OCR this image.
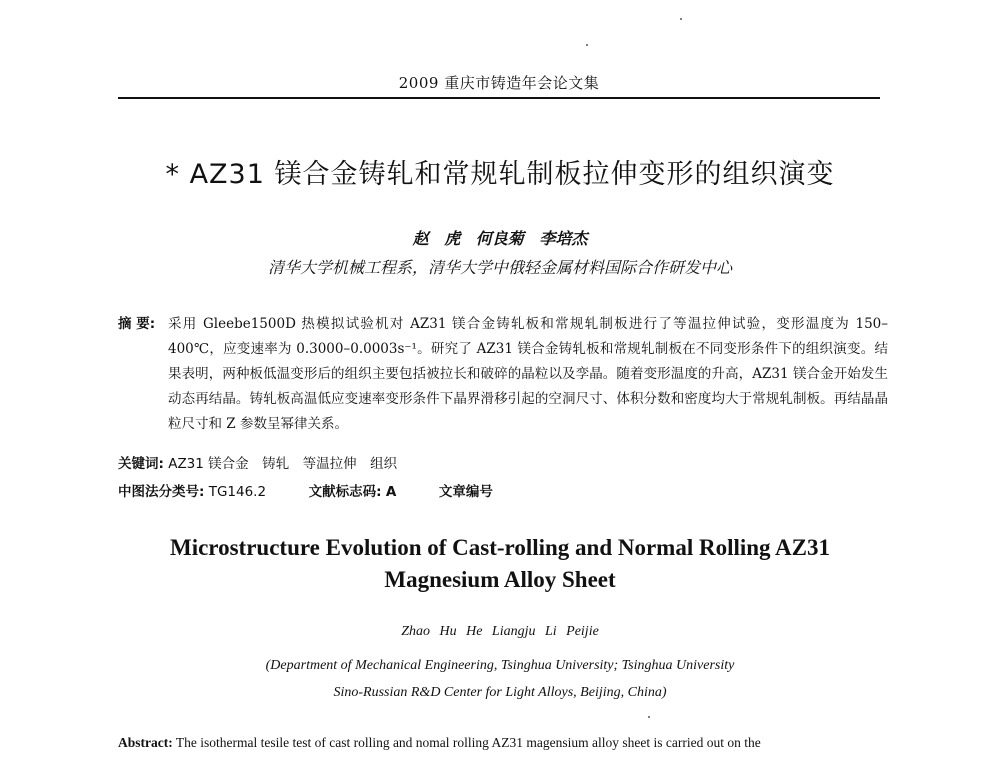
2009 重庆市铸造年会论文集
* AZ31 镁合金铸轧和常规轧制板拉伸变形的组织演变
赵 虎 何良菊 李培杰
清华大学机械工程系，清华大学中俄轻金属材料国际合作研发中心
摘 要: 采用 Gleebe1500D 热模拟试验机对 AZ31 镁合金铸轧板和常规轧制板进行了等温拉伸试验，变形温度为 150–400℃，应变速率为 0.3000–0.0003s⁻¹。研究了 AZ31 镁合金铸轧板和常规轧制板在不同变形条件下的组织演变。结果表明，两种板低温变形后的组织主要包括被拉长和破碎的晶粒以及孪晶。随着变形温度的升高，AZ31 镁合金开始发生动态再结晶。铸轧板高温低应变速率变形条件下晶界滑移引起的空洞尺寸、体积分数和密度均大于常规轧制板。再结晶晶粒尺寸和 Z 参数呈幂律关系。
关键词: AZ31 镁合金　铸轧　等温拉伸　组织
中图法分类号: TG146.2	文献标志码: A	文章编号
Microstructure Evolution of Cast-rolling and Normal Rolling AZ31
Magnesium Alloy Sheet
Zhao Hu He Liangju Li Peijie
(Department of Mechanical Engineering, Tsinghua University; Tsinghua University
Sino-Russian R&D Center for Light Alloys, Beijing, China)
Abstract: The isothermal tesile test of cast rolling and nomal rolling AZ31 magensium alloy sheet is carried out on the
